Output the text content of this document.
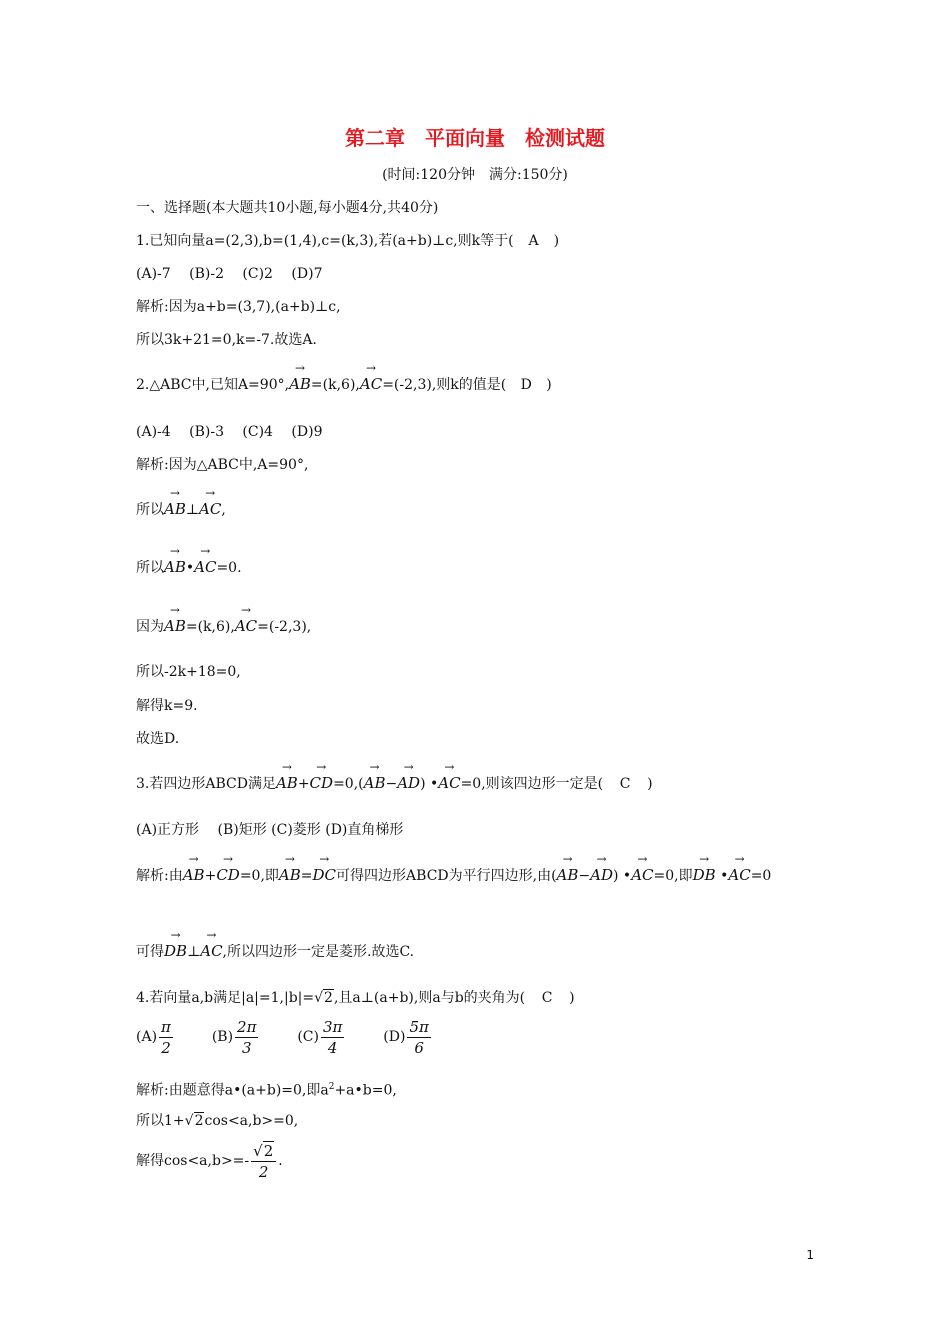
第二章　平面向量　检测试题
(时间:120分钟　满分:150分)
一、选择题(本大题共10小题,每小题4分,共40分)
1.已知向量a=(2,3),b=(1,4),c=(k,3),若(a+b)⊥c,则k等于( A )
(A)-7　 (B)-2　 (C)2　 (D)7
解析:因为a+b=(3,7),(a+b)⊥c,
所以3k+21=0,k=-7.故选A.
2.△ABC中,已知A=90°,→ AB=(k,6),→ AC=(-2,3),则k的值是( D )
(A)-4　 (B)-3　 (C)4　 (D)9
解析:因为△ABC中,A=90°,
所以→ AB⊥→ AC,
所以→ AB•→ AC=0.
因为→ AB=(k,6),→ AC=(-2,3),
所以-2k+18=0,
解得k=9.
故选D.
3.若四边形ABCD满足→ AB+→ CD=0,(→ AB−→ AD) •→ AC=0,则该四边形一定是( C )
(A)正方形　 (B)矩形 (C)菱形 (D)直角梯形
解析:由→ AB+→ CD=0,即→ AB=→ DC可得四边形ABCD为平行四边形,由(→ AB−→ AD) •→ AC=0,即→ DB •→ AC=0
可得→ DB⊥→ AC,所以四边形一定是菱形.故选C.
4.若向量a,b满足|a|=1,|b|=√2,且a⊥(a+b),则a与b的夹角为( C )
$(A) \frac{\pi}{2}$	$(B) \frac{2\pi}{3}$	$(C) \frac{3\pi}{4}$	$(D) \frac{5\pi}{6}$
解析:由题意得a•(a+b)=0,即$a^2+a•b=0$,
所以1+√2cos<a,b>=0,
解得$\cos<a,b>=- \frac{√2}{2}$ .
1
